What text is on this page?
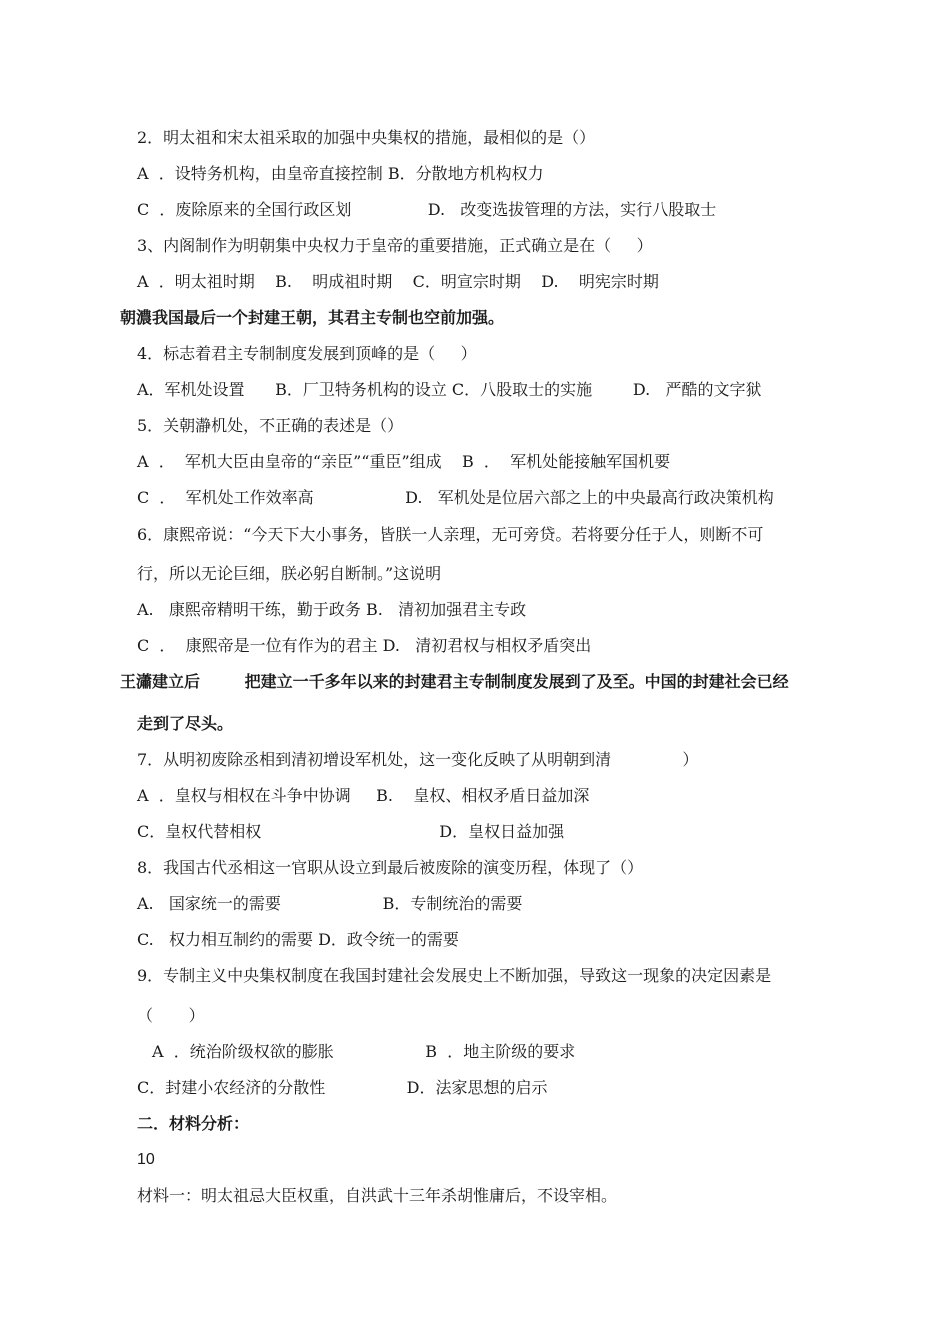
2．明太祖和宋太祖采取的加强中央集权的措施，最相似的是（）
A  ．设特务机构，由皇帝直接控制 B．分散地方机构权力
C  ．废除原来的全国行政区划               D.   改变选拔管理的方法，实行八股取士
3、内阁制作为明朝集中央权力于皇帝的重要措施，正式确立是在（     ）
A  ．明太祖时期    B.    明成祖时期    C．明宣宗时期    D.    明宪宗时期
朝濃我国最后一个封建王朝，其君主专制也空前加强。
4．标志着君主专制制度发展到顶峰的是（     ）
A．军机处设置      B．厂卫特务机构的设立 C．八股取士的实施        D.   严酷的文字狱
5．关朝瀞机处，不正确的表述是（）
A  ．  军机大臣由皇帝的“亲臣”“重臣”组成    B  ．  军机处能接触军国机要
C  ．  军机处工作效率高                  D.   军机处是位居六部之上的中央最高行政决策机构
6．康熙帝说：“今天下大小事务，皆朕一人亲理，无可旁贷。若将要分任于人，则断不可
行，所以无论巨细，朕必躬自断制。”这说明
A.   康熙帝精明干练，勤于政务 B.   清初加强君主专政
C  ．  康熙帝是一位有作为的君主 D.   清初君权与相权矛盾突出
王瀟建立后        把建立一千多年以来的封建君主专制制度发展到了及至。中国的封建社会已经
走到了尽头。
7．从明初废除丞相到清初增设军机处，这一变化反映了从明朝到清              ）
A  ．皇权与相权在斗争中协调     B.    皇权、相权矛盾日益加深
C．皇权代替相权                                   D．皇权日益加强
8．我国古代丞相这一官职从设立到最后被废除的演变历程，体现了（）
A.   国家统一的需要                    B．专制统治的需要
C.   权力相互制约的需要 D．政令统一的需要
9．专制主义中央集权制度在我国封建社会发展史上不断加强，导致这一现象的决定因素是
（       ）
A  ．统治阶级权欲的膨胀                  B  ．地主阶级的要求
C．封建小农经济的分散性                D．法家思想的启示
二．材料分析：
10
材料一：明太祖忌大臣权重，自洪武十三年杀胡惟庸后，不设宰相。
